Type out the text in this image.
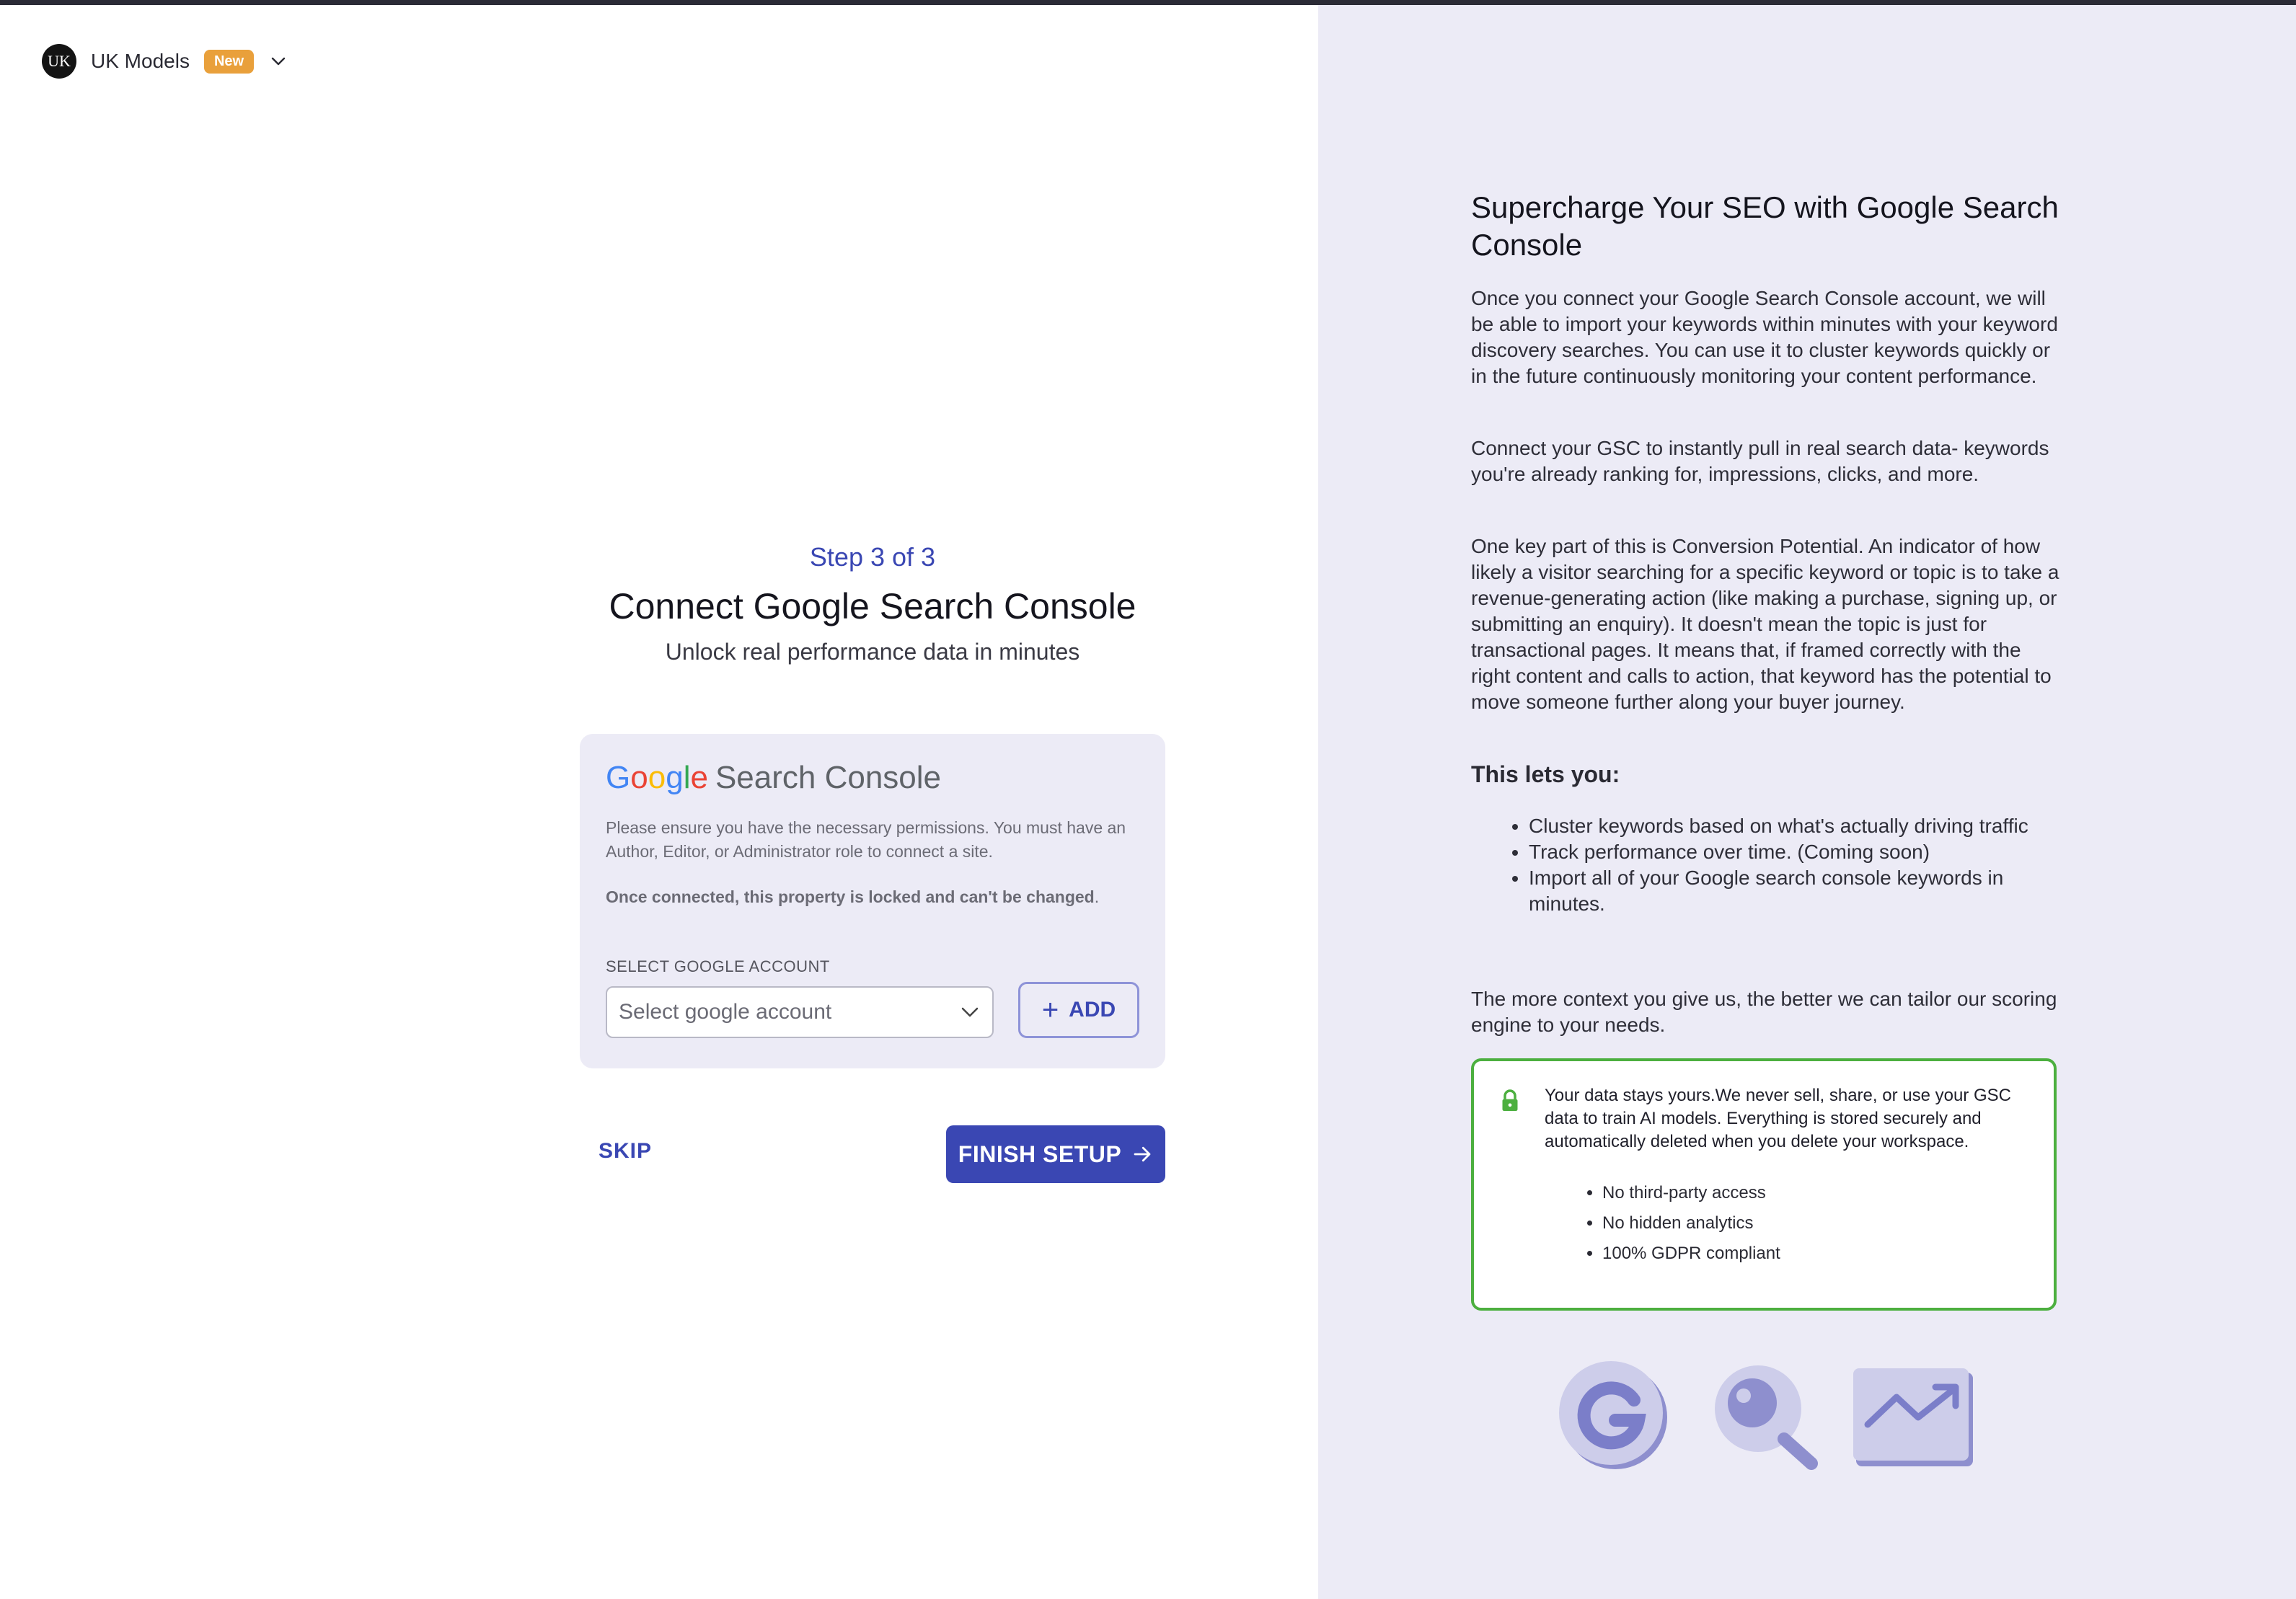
UK UK Models	New
Step 3 of 3
Connect Google Search Console
Unlock real performance data in minutes
Google Search Console
Please ensure you have the necessary permissions. You must have an Author, Editor, or Administrator role to connect a site.
Once connected, this property is locked and can't be changed.
SELECT GOOGLE ACCOUNT
Select google account	+ ADD
SKIP	FINISH SETUP
Supercharge Your SEO with Google Search Console
Once you connect your Google Search Console account, we will be able to import your keywords within minutes with your keyword discovery searches. You can use it to cluster keywords quickly or in the future continuously monitoring your content performance.
Connect your GSC to instantly pull in real search data- keywords you're already ranking for, impressions, clicks, and more.
One key part of this is Conversion Potential. An indicator of how likely a visitor searching for a specific keyword or topic is to take a revenue-generating action (like making a purchase, signing up, or submitting an enquiry). It doesn't mean the topic is just for transactional pages. It means that, if framed correctly with the right content and calls to action, that keyword has the potential to move someone further along your buyer journey.
This lets you:
• Cluster keywords based on what's actually driving traffic
• Track performance over time. (Coming soon)
• Import all of your Google search console keywords in minutes.
The more context you give us, the better we can tailor our scoring engine to your needs.
Your data stays yours.We never sell, share, or use your GSC data to train AI models. Everything is stored securely and automatically deleted when you delete your workspace.
• No third-party access
• No hidden analytics
• 100% GDPR compliant
